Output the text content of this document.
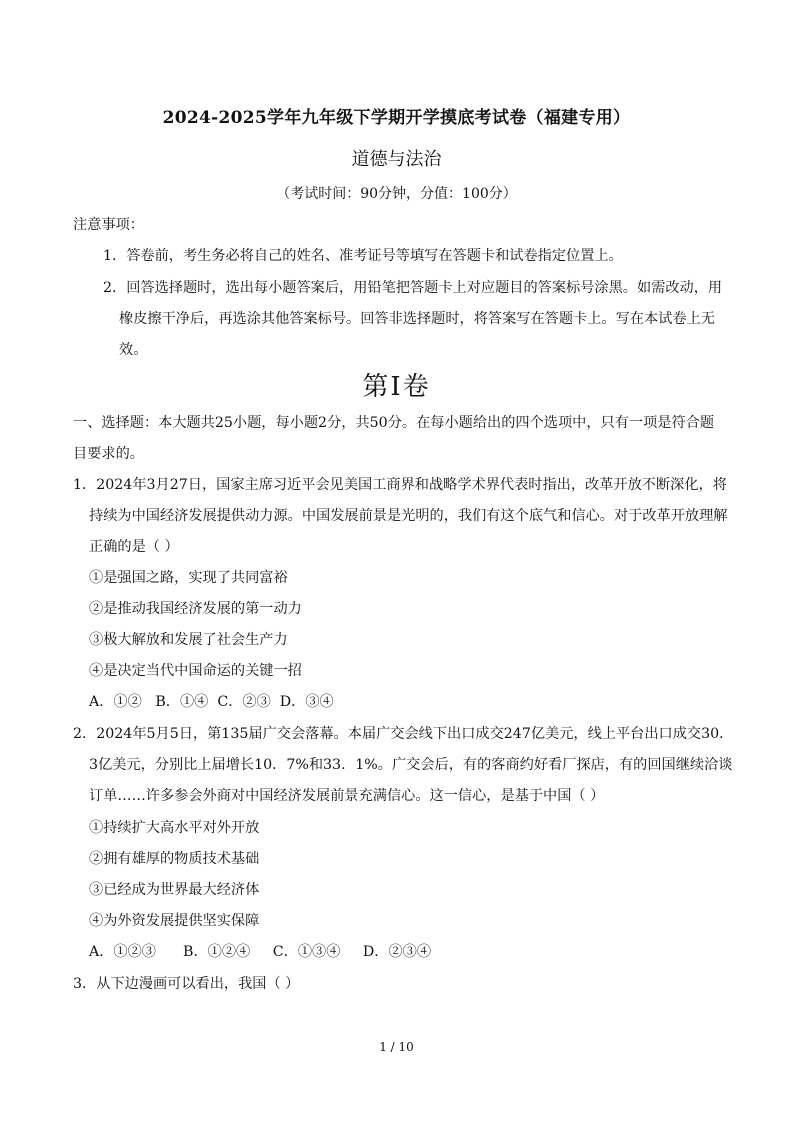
2024-2025学年九年级下学期开学摸底考试卷（福建专用）
道德与法治
（考试时间：90分钟，分值：100分）
注意事项：
1．答卷前，考生务必将自己的姓名、准考证号等填写在答题卡和试卷指定位置上。
2．回答选择题时，选出每小题答案后，用铅笔把答题卡上对应题目的答案标号涂黑。如需改动，用
橡皮擦干净后，再选涂其他答案标号。回答非选择题时，将答案写在答题卡上。写在本试卷上无
效。
第Ⅰ卷
一、选择题：本大题共25小题，每小题2分，共50分。在每小题给出的四个选项中，只有一项是符合题
目要求的。
1．2024年3月27日，国家主席习近平会见美国工商界和战略学术界代表时指出，改革开放不断深化，将
持续为中国经济发展提供动力源。中国发展前景是光明的，我们有这个底气和信心。对于改革开放理解
正确的是（ ）
①是强国之路，实现了共同富裕
②是推动我国经济发展的第一动力
③极大解放和发展了社会生产力
④是决定当代中国命运的关键一招
A．①②   B．①④  C．②③  D．③④
2．2024年5月5日，第135届广交会落幕。本届广交会线下出口成交247亿美元，线上平台出口成交30．
3亿美元，分别比上届增长10．7%和33．1%。广交会后，有的客商约好看厂探店，有的回国继续洽谈
订单……许多参会外商对中国经济发展前景充满信心。这一信心，是基于中国（ ）
①持续扩大高水平对外开放
②拥有雄厚的物质技术基础
③已经成为世界最大经济体
④为外资发展提供坚实保障
A．①②③      B．①②④     C．①③④     D．②③④
3．从下边漫画可以看出，我国（ ）
1 / 10
